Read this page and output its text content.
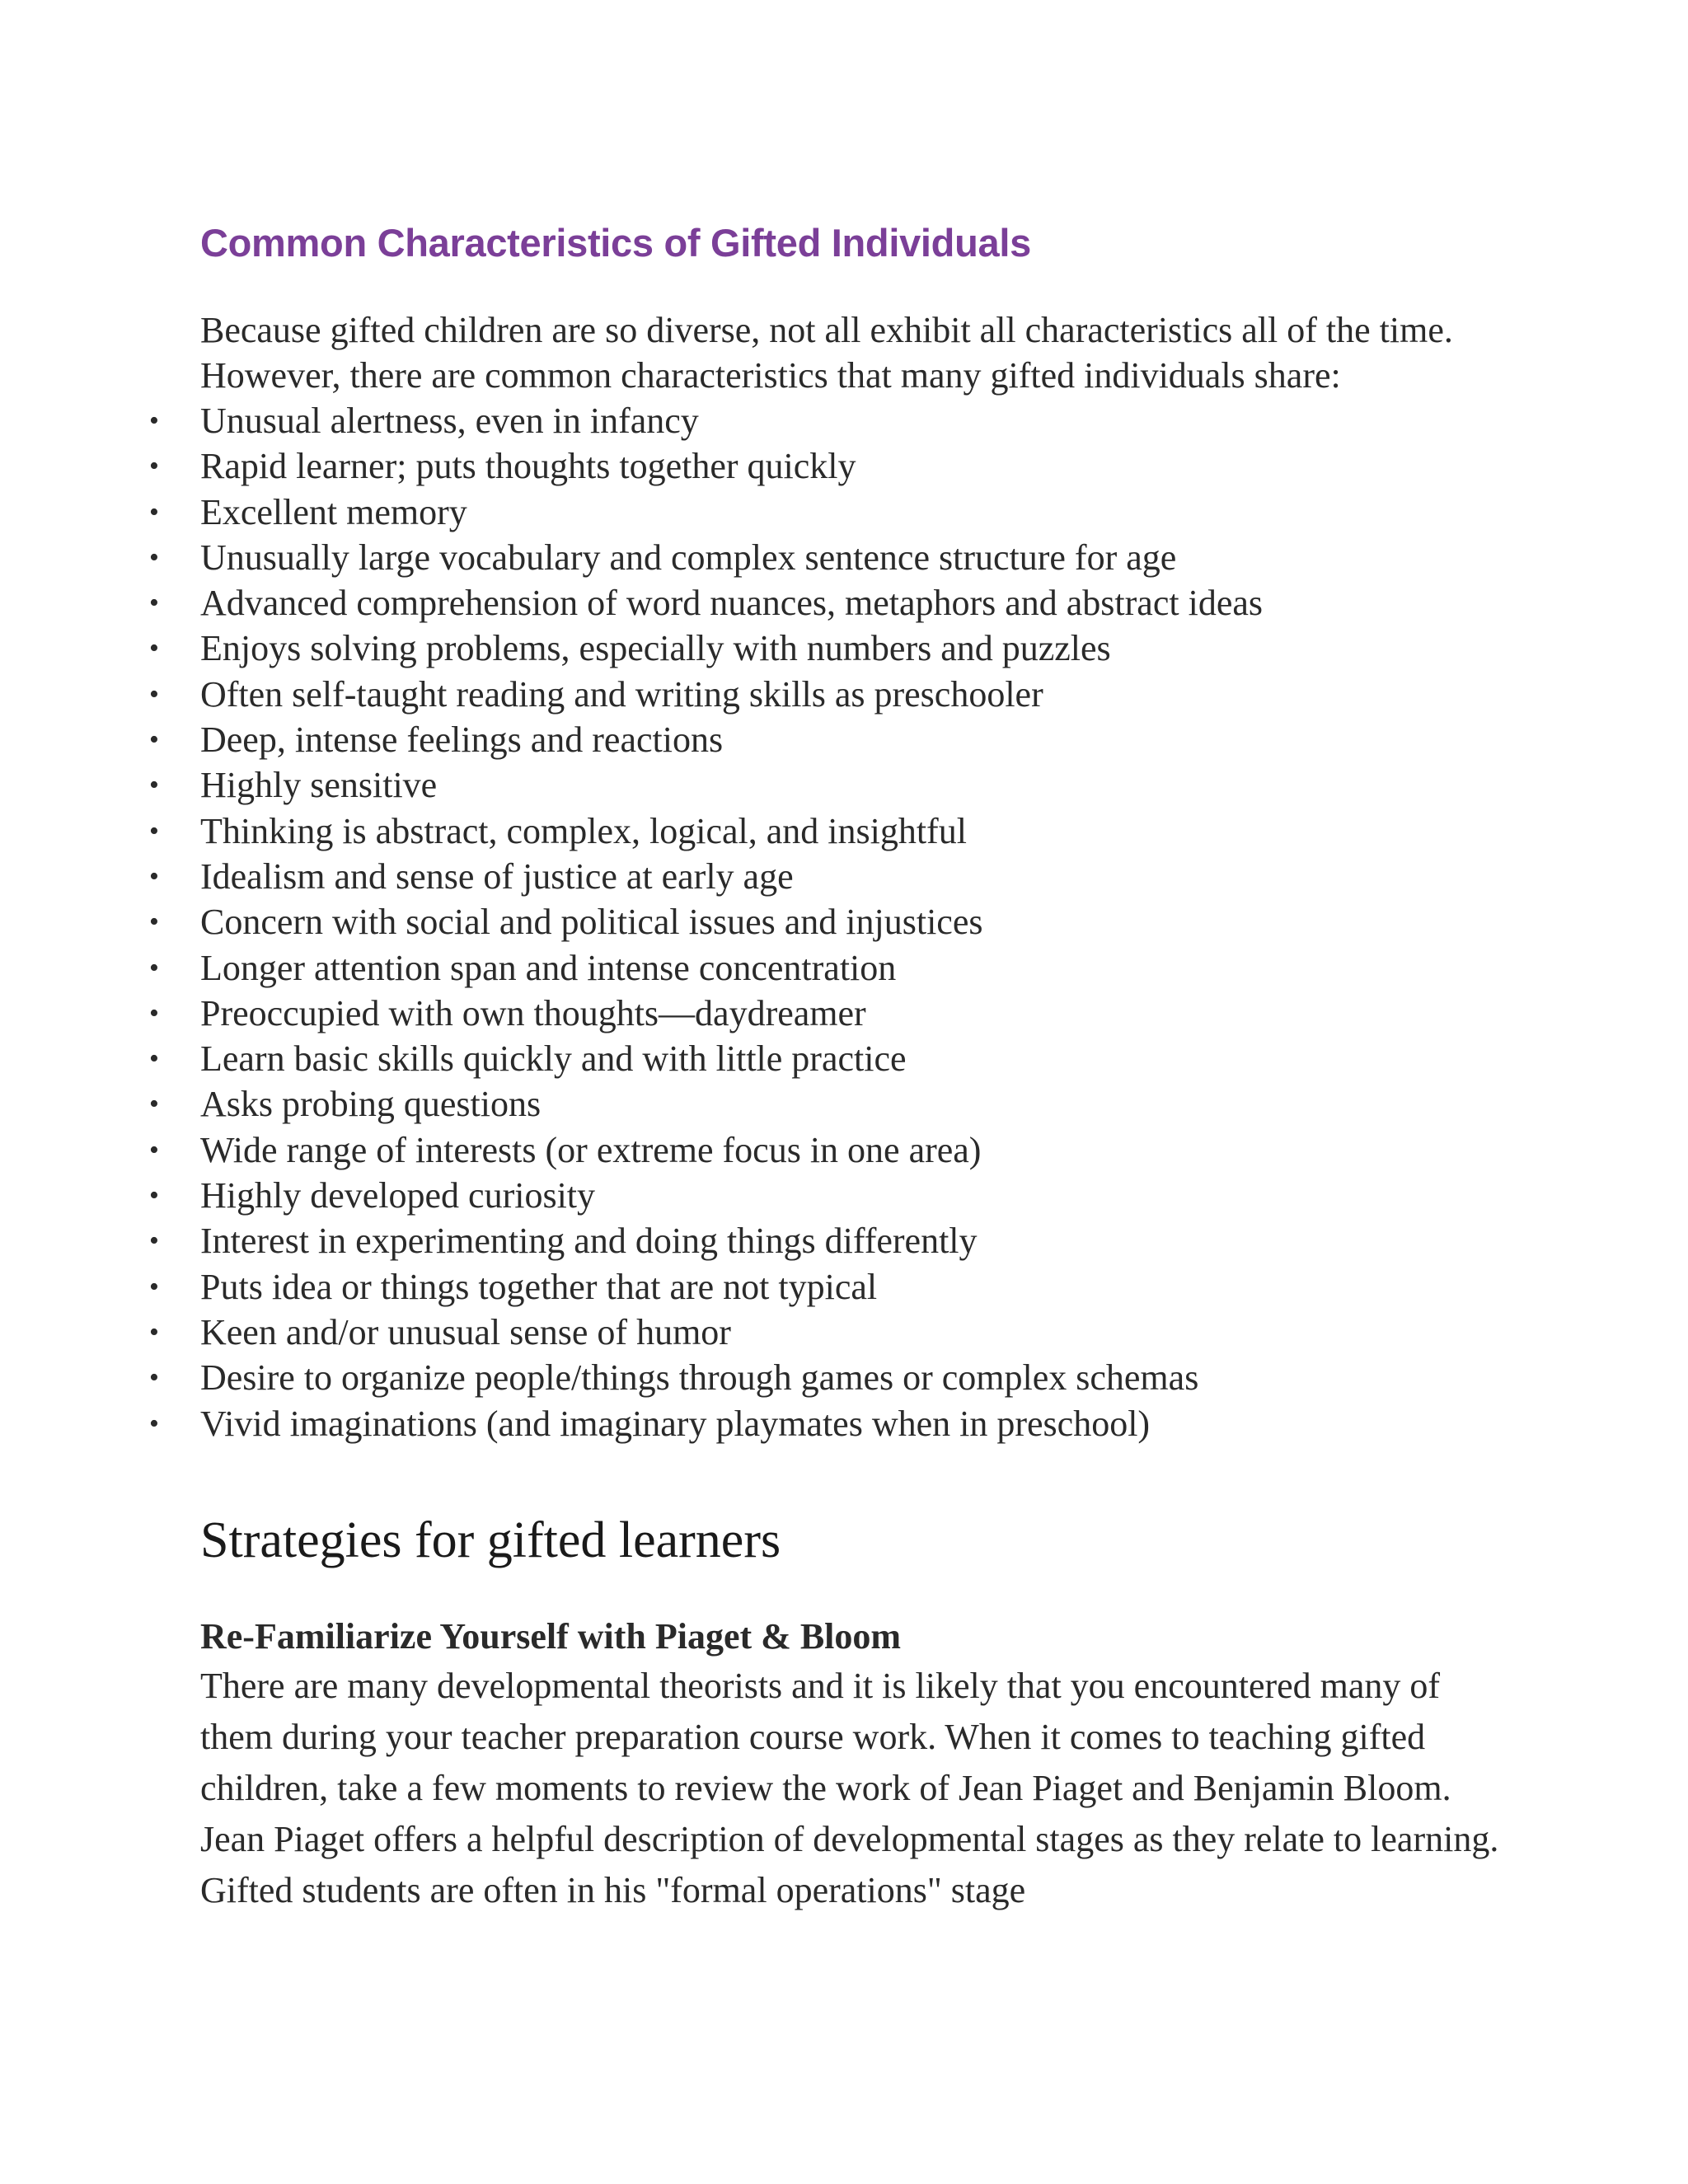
Common Characteristics of Gifted Individuals
Because gifted children are so diverse, not all exhibit all characteristics all of the time. However, there are common characteristics that many gifted individuals share:
• Unusual alertness, even in infancy
• Rapid learner; puts thoughts together quickly
• Excellent memory
• Unusually large vocabulary and complex sentence structure for age
• Advanced comprehension of word nuances, metaphors and abstract ideas
• Enjoys solving problems, especially with numbers and puzzles
• Often self-taught reading and writing skills as preschooler
• Deep, intense feelings and reactions
• Highly sensitive
• Thinking is abstract, complex, logical, and insightful
• Idealism and sense of justice at early age
• Concern with social and political issues and injustices
• Longer attention span and intense concentration
• Preoccupied with own thoughts—daydreamer
• Learn basic skills quickly and with little practice
• Asks probing questions
• Wide range of interests (or extreme focus in one area)
• Highly developed curiosity
• Interest in experimenting and doing things differently
• Puts idea or things together that are not typical
• Keen and/or unusual sense of humor
• Desire to organize people/things through games or complex schemas
• Vivid imaginations (and imaginary playmates when in preschool)
Strategies for gifted learners
Re-Familiarize Yourself with Piaget & Bloom
There are many developmental theorists and it is likely that you encountered many of them during your teacher preparation course work. When it comes to teaching gifted children, take a few moments to review the work of Jean Piaget and Benjamin Bloom. Jean Piaget offers a helpful description of developmental stages as they relate to learning. Gifted students are often in his "formal operations" stage
